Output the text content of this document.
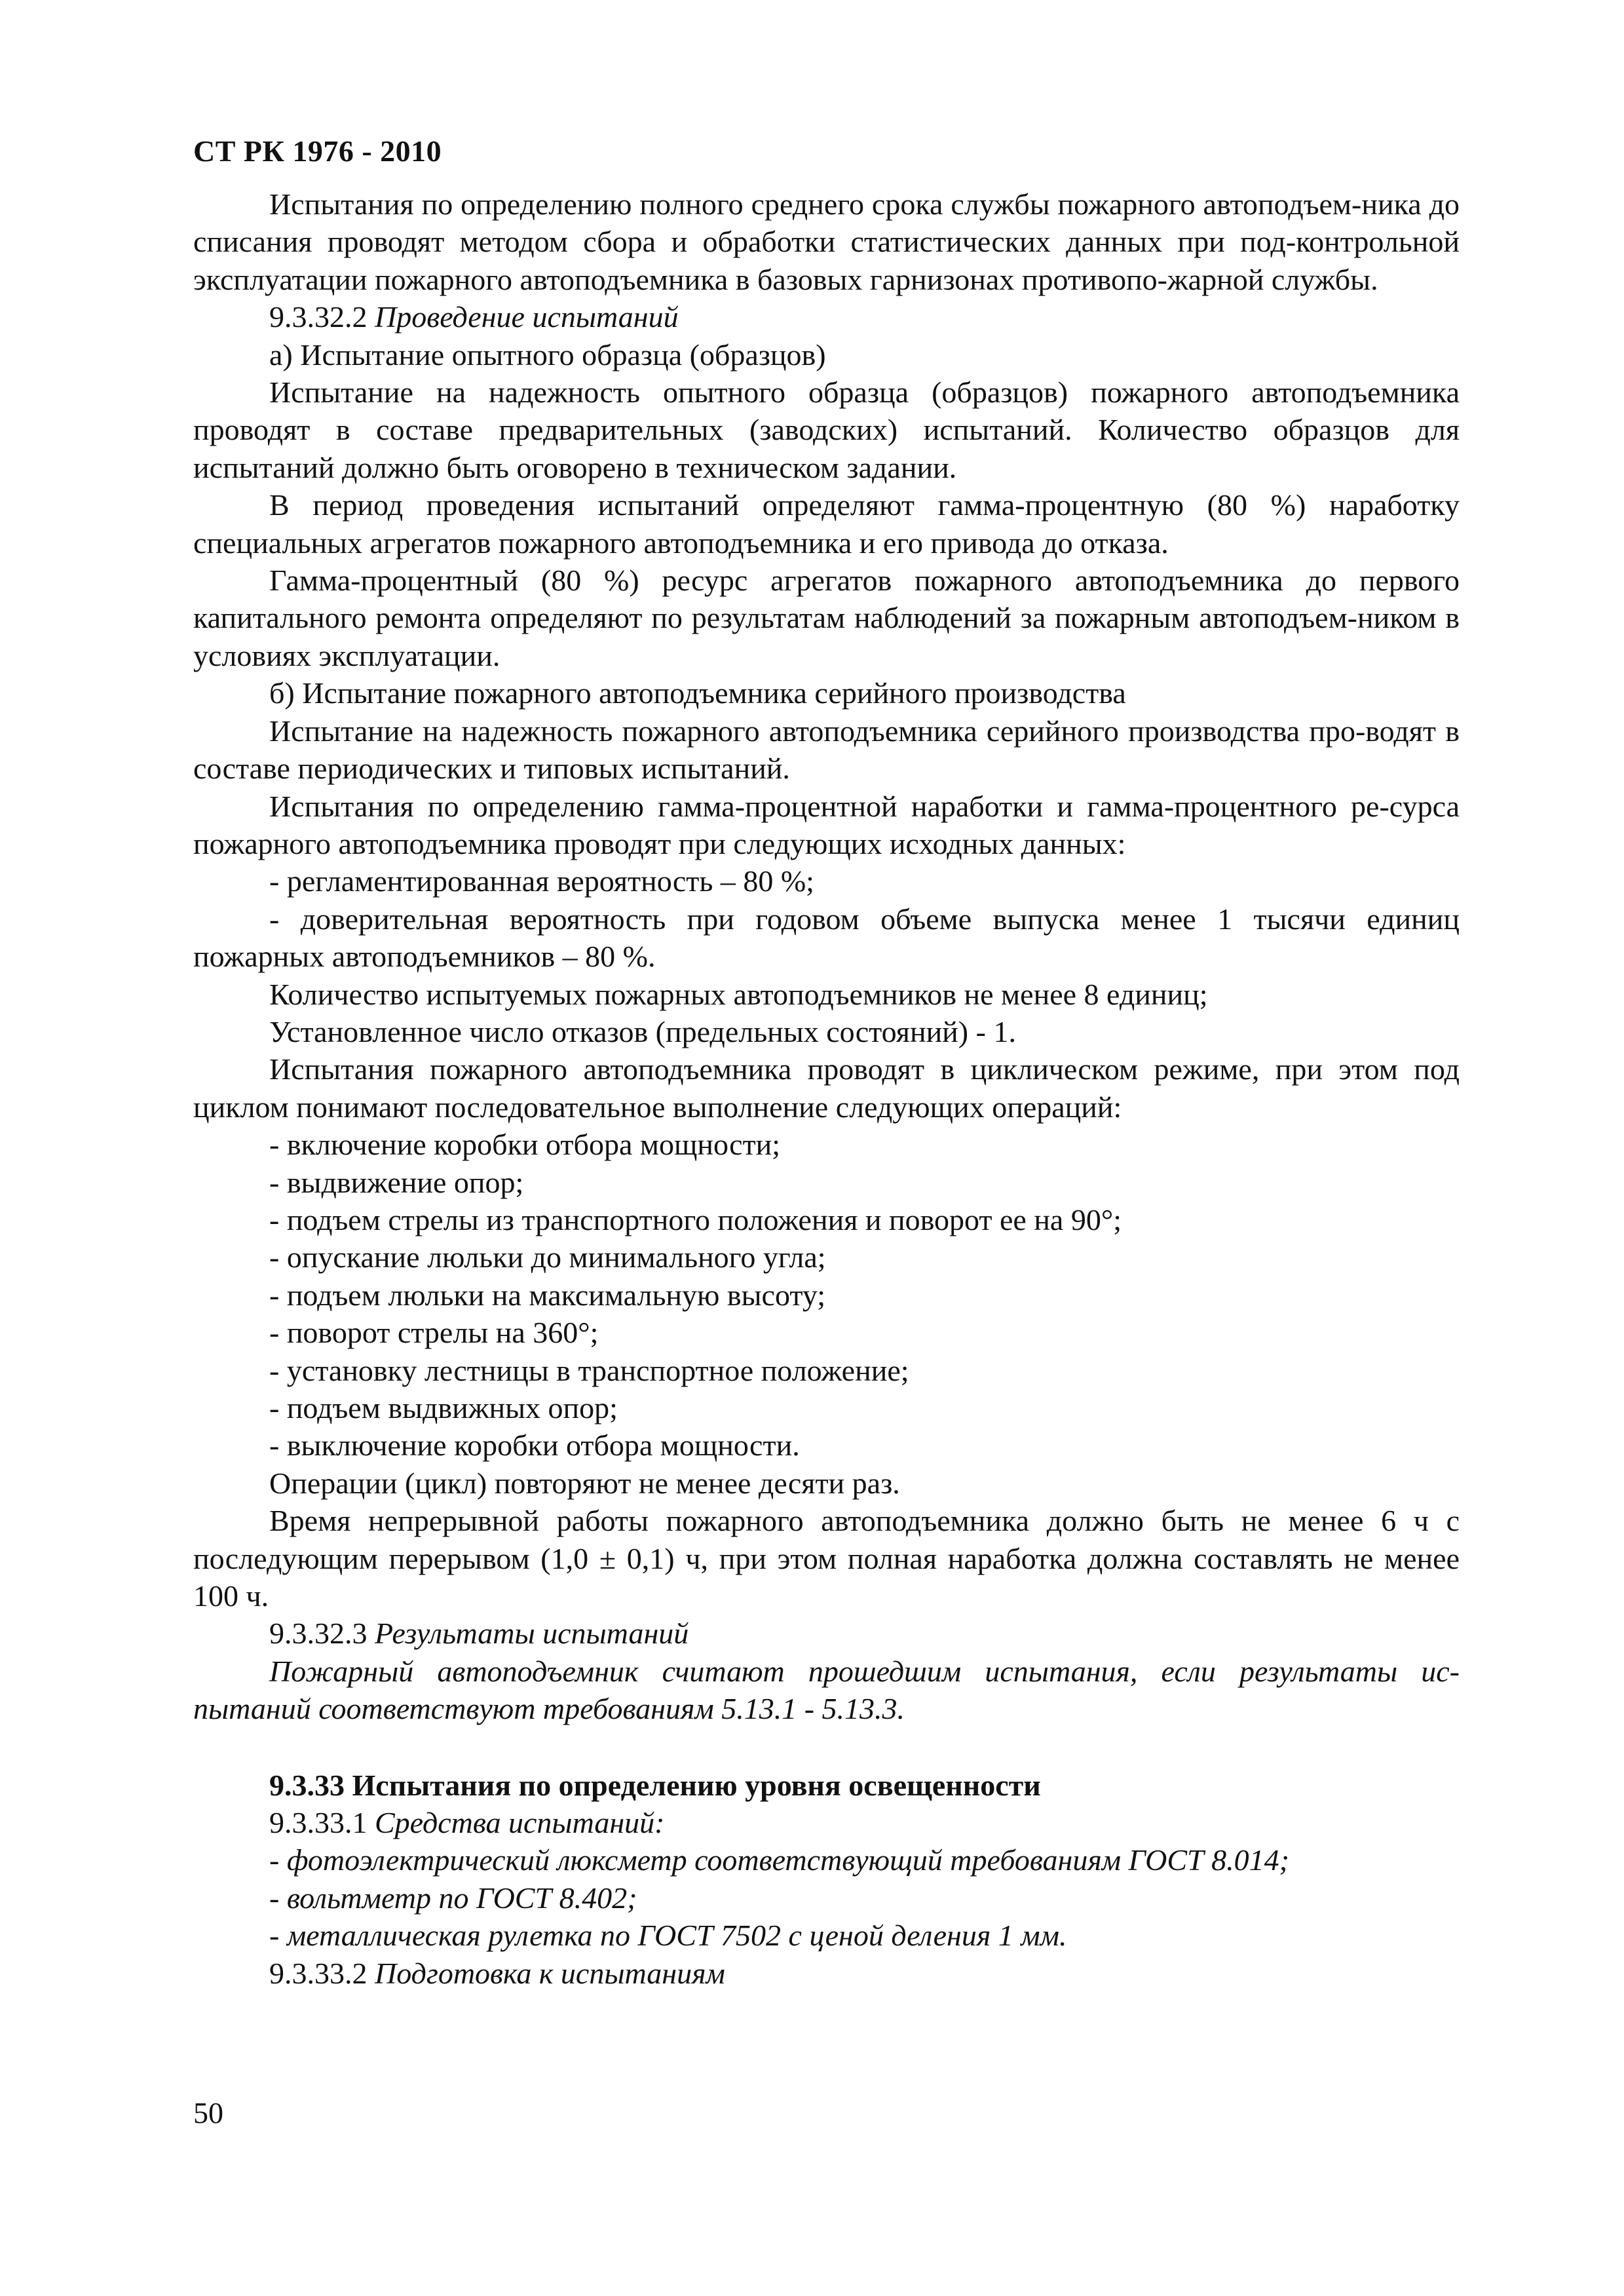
СТ РК 1976 - 2010

Испытания по определению полного среднего срока службы пожарного автоподъем-ника до списания проводят методом сбора и обработки статистических данных при под-контрольной эксплуатации пожарного автоподъемника в базовых гарнизонах противопо-жарной службы.

9.3.32.2 Проведение испытаний

а) Испытание опытного образца (образцов)

Испытание на надежность опытного образца (образцов) пожарного автоподъемника проводят в составе предварительных (заводских) испытаний. Количество образцов для испытаний должно быть оговорено в техническом задании.

В период проведения испытаний определяют гамма-процентную (80 %) наработку специальных агрегатов пожарного автоподъемника и его привода до отказа.

Гамма-процентный (80 %) ресурс агрегатов пожарного автоподъемника до первого капитального ремонта определяют по результатам наблюдений за пожарным автоподъем-ником в условиях эксплуатации.

б) Испытание пожарного автоподъемника серийного производства

Испытание на надежность пожарного автоподъемника серийного производства про-водят в составе периодических и типовых испытаний.

Испытания по определению гамма-процентной наработки и гамма-процентного ре-сурса пожарного автоподъемника проводят при следующих исходных данных:

- регламентированная вероятность – 80 %;

- доверительная вероятность при годовом объеме выпуска менее 1 тысячи единиц пожарных автоподъемников – 80 %.

Количество испытуемых пожарных автоподъемников не менее 8 единиц;

Установленное число отказов (предельных состояний) - 1.

Испытания пожарного автоподъемника проводят в циклическом режиме, при этом под циклом понимают последовательное выполнение следующих операций:

- включение коробки отбора мощности;

- выдвижение опор;

- подъем стрелы из транспортного положения и поворот ее на 90°;

- опускание люльки до минимального угла;

- подъем люльки на максимальную высоту;

- поворот стрелы на 360°;

- установку лестницы в транспортное положение;

- подъем выдвижных опор;

- выключение коробки отбора мощности.

Операции (цикл) повторяют не менее десяти раз.

Время непрерывной работы пожарного автоподъемника должно быть не менее 6 ч с последующим перерывом (1,0 ± 0,1) ч, при этом полная наработка должна составлять не менее 100 ч.

9.3.32.3 Результаты испытаний

Пожарный автоподъемник считают прошедшим испытания, если результаты ис-пытаний соответствуют требованиям 5.13.1 - 5.13.3.

9.3.33 Испытания по определению уровня освещенности

9.3.33.1 Средства испытаний:

- фотоэлектрический люксметр соответствующий требованиям ГОСТ 8.014;

- вольтметр по ГОСТ 8.402;

- металлическая рулетка по ГОСТ 7502 с ценой деления 1 мм.

9.3.33.2 Подготовка к испытаниям

50
